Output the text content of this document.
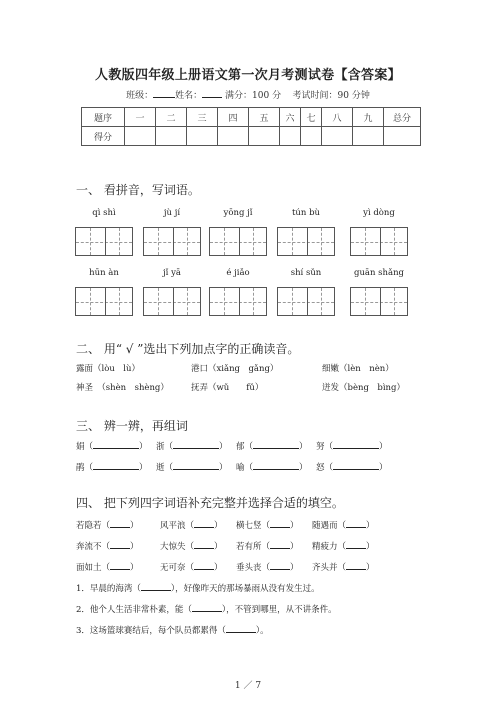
人教版四年级上册语文第一次月考测试卷【含答案】
班级： 姓名：	满分：100 分 考试时间：90 分钟
题序	一	二	三	四	五	六	七	八	九	总分
得分										
一、 看拼音，写词语。
qì shì	jù jí	yōng jǐ	tún bù	yì dòng
hūn àn	jǐ yā	é jiǎo	shí sǔn	guān shǎng
二、 用“ √ ”选出下列加点字的正确读音。
露面（lòu　lù）	港口（xiǎng　gǎng）	细嫩（lèn　nèn）
神圣　（shèn　shèng）	抚弄（wǔ　　fǔ）	迸发（bèng　bìng）
三、 辨一辨，再组词
娟（	） 浙（	） 郁（	） 努（	）
鹃（	） 逝（	） 喻（	） 怒（	）
四、 把下列四字词语补充完整并选择合适的填空。
若隐若（ ）	风平浪（ ） 横七竖（ ） 随遇而（ ）
奔流不（ ）	大惊失（ ） 若有所（ ） 精疲力（ ）
面如土（ ）	无可奈（ ） 垂头丧（ ） 齐头并（ ）
1．早晨的海湾（	），好像昨天的那场暴雨从没有发生过。
2．他个人生活非常朴素，能（	），不管到哪里，从不讲条件。
3．这场篮球赛结后，每个队员都累得（	）。
1 ／ 7
